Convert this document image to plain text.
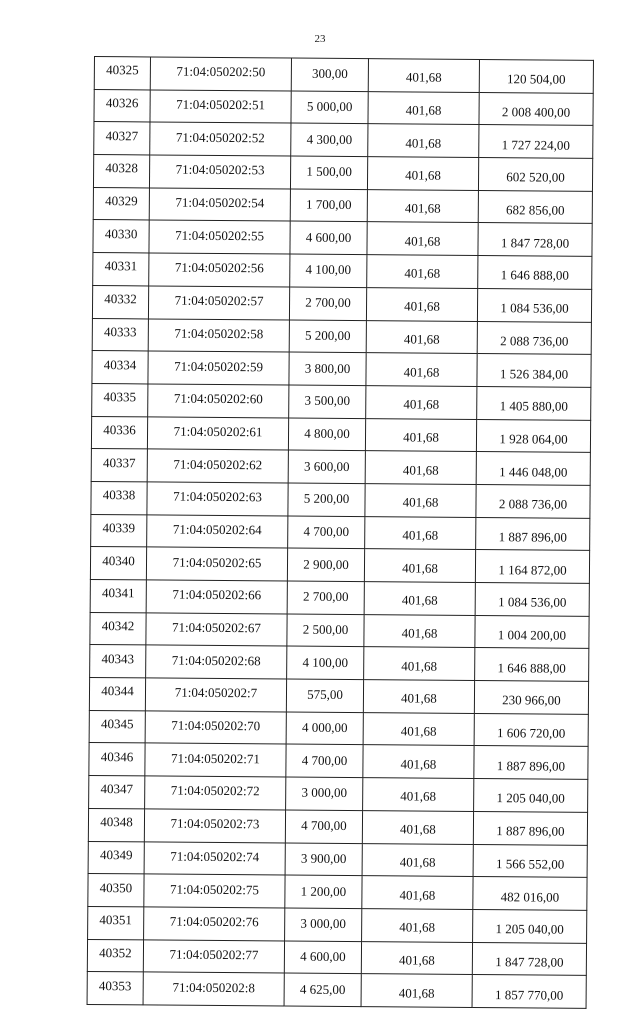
23
40325	71:04:050202:50	300,00	401,68	120 504,00
40326	71:04:050202:51	5 000,00	401,68	2 008 400,00
40327	71:04:050202:52	4 300,00	401,68	1 727 224,00
40328	71:04:050202:53	1 500,00	401,68	602 520,00
40329	71:04:050202:54	1 700,00	401,68	682 856,00
40330	71:04:050202:55	4 600,00	401,68	1 847 728,00
40331	71:04:050202:56	4 100,00	401,68	1 646 888,00
40332	71:04:050202:57	2 700,00	401,68	1 084 536,00
40333	71:04:050202:58	5 200,00	401,68	2 088 736,00
40334	71:04:050202:59	3 800,00	401,68	1 526 384,00
40335	71:04:050202:60	3 500,00	401,68	1 405 880,00
40336	71:04:050202:61	4 800,00	401,68	1 928 064,00
40337	71:04:050202:62	3 600,00	401,68	1 446 048,00
40338	71:04:050202:63	5 200,00	401,68	2 088 736,00
40339	71:04:050202:64	4 700,00	401,68	1 887 896,00
40340	71:04:050202:65	2 900,00	401,68	1 164 872,00
40341	71:04:050202:66	2 700,00	401,68	1 084 536,00
40342	71:04:050202:67	2 500,00	401,68	1 004 200,00
40343	71:04:050202:68	4 100,00	401,68	1 646 888,00
40344	71:04:050202:7	575,00	401,68	230 966,00
40345	71:04:050202:70	4 000,00	401,68	1 606 720,00
40346	71:04:050202:71	4 700,00	401,68	1 887 896,00
40347	71:04:050202:72	3 000,00	401,68	1 205 040,00
40348	71:04:050202:73	4 700,00	401,68	1 887 896,00
40349	71:04:050202:74	3 900,00	401,68	1 566 552,00
40350	71:04:050202:75	1 200,00	401,68	482 016,00
40351	71:04:050202:76	3 000,00	401,68	1 205 040,00
40352	71:04:050202:77	4 600,00	401,68	1 847 728,00
40353	71:04:050202:8	4 625,00	401,68	1 857 770,00
